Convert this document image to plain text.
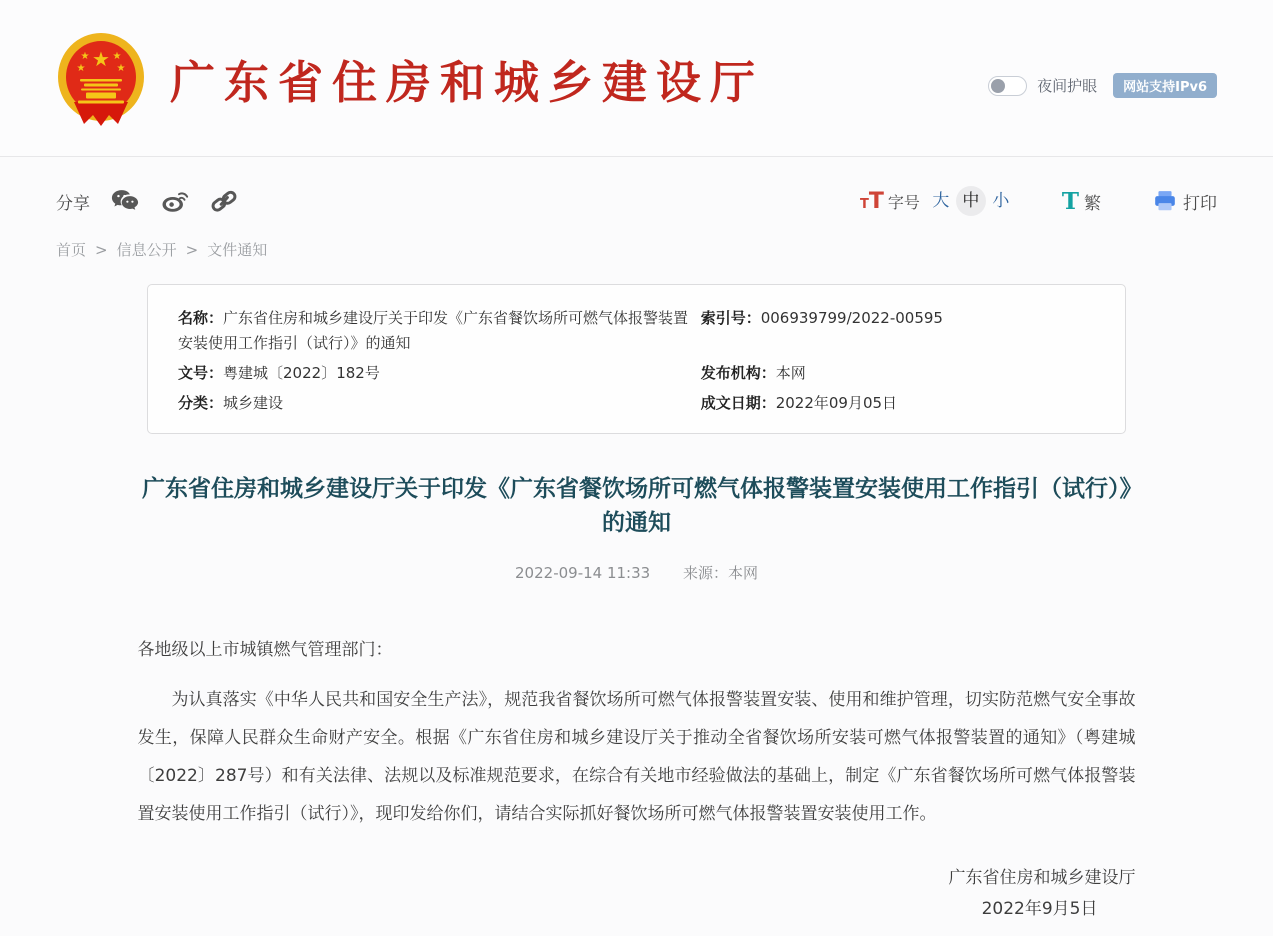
★
★ ★
★	★ 广东省住房和城乡建设厅	夜间护眼	网站支持IPv6
分享	TT 字号 大 中 小 T 繁	打印
首页 > 信息公开 > 文件通知
名称：广东省住房和城乡建设厅关于印发《广东省餐饮场所可燃气体报警装置安装使用工作指引（试行）》的通知
索引号：006939799/2022-00595
文号：粤建城〔2022〕182号	发布机构：本网
分类：城乡建设	成文日期：2022年09月05日
广东省住房和城乡建设厅关于印发《广东省餐饮场所可燃气体报警装置安装使用工作指引（试行）》的通知
2022-09-14 11:33 来源：本网

各地级以上市城镇燃气管理部门：

为认真落实《中华人民共和国安全生产法》，规范我省餐饮场所可燃气体报警装置安装、使用和维护管理，切实防范燃气安全事故发生，保障人民群众生命财产安全。根据《广东省住房和城乡建设厅关于推动全省餐饮场所安装可燃气体报警装置的通知》（粤建城〔2022〕287号）和有关法律、法规以及标准规范要求，在综合有关地市经验做法的基础上，制定《广东省餐饮场所可燃气体报警装置安装使用工作指引（试行）》，现印发给你们，请结合实际抓好餐饮场所可燃气体报警装置安装使用工作。

广东省住房和城乡建设厅
2022年9月5日
